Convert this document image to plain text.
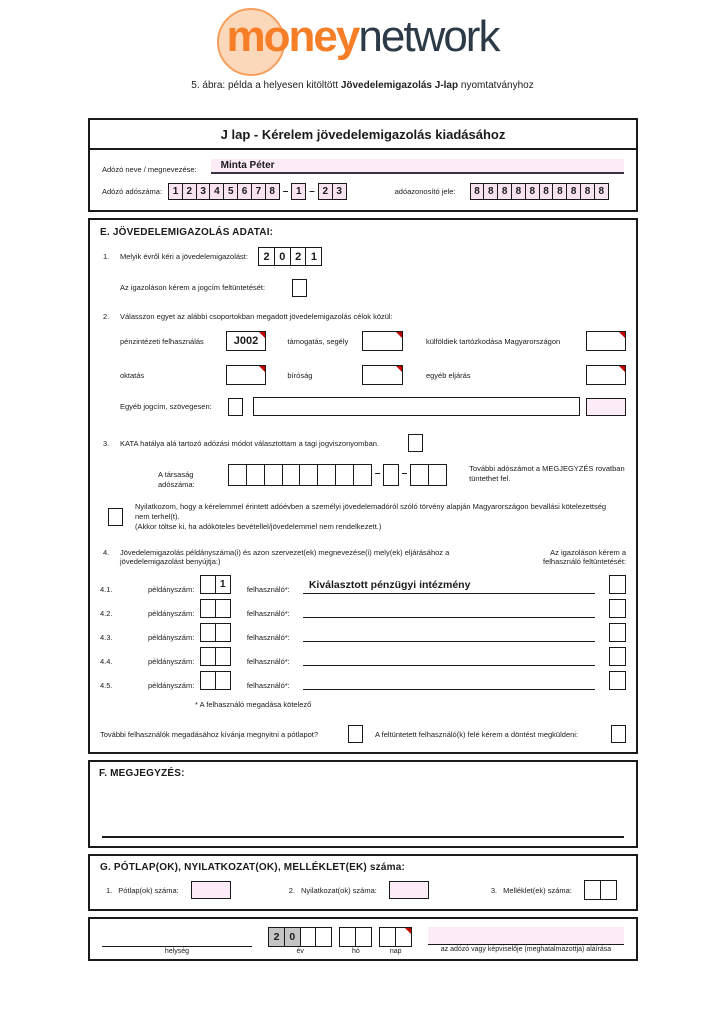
money network
5. ábra: példa a helyesen kitöltött Jövedelemigazolás J-lap nyomtatványhoz
J lap - Kérelem jövedelemigazolás kiadásához
Adózó neve / megnevezése:	Minta Péter
Adózó adószáma:	1 2 3 4 5 6 7 8 – 1 – 2 3	adóazonosító jele:	8 8 8 8 8 8 8 8 8 8
E. JÖVEDELEMIGAZOLÁS ADATAI:
1.	Melyik évről kéri a jövedelemigazolást:	2 0 2 1
Az igazoláson kérem a jogcím feltüntetését:
2.	Válasszon egyet az alábbi csoportokban megadott jövedelemigazolás célok közül:
pénzintézeti felhasználás	J002	támogatás, segély	külföldiek tartózkodása Magyarországon
oktatás	bíróság	egyéb eljárás
Egyéb jogcím, szövegesen:
3.	KATA hatálya alá tartozó adózási módot választottam a tagi jogviszonyomban.
A társaság adószáma:
– –	További adószámot a MEGJEGYZÉS rovatban tüntethet fel.
Nyilatkozom, hogy a kérelemmel érintett adóévben a személyi jövedelemadóról szóló törvény alapján Magyarországon bevallási kötelezettség nem terhel(t).
(Akkor töltse ki, ha adóköteles bevétellel/jövedelemmel nem rendelkezett.)
4.	Jövedelemigazolás példányszáma(i) és azon szervezet(ek) megnevezése(i) mely(ek) eljárásához a jövedelemigazolást benyújtja:)
Az igazoláson kérem a felhasználó feltüntetését:
4.1.	példányszám:	1	felhasználó*:	Kiválasztott pénzügyi intézmény
4.2.	példányszám:	felhasználó*:
4.3.	példányszám:	felhasználó*:
4.4.	példányszám:	felhasználó*:
4.5.	példányszám:	felhasználó*:
* A felhasználó megadása kötelező
További felhasználók megadásához kívánja megnyitni a pótlapot?	A feltüntetett felhasználó(k) felé kérem a döntést megküldeni:
F. MEGJEGYZÉS:
G. PÓTLAP(OK), NYILATKOZAT(OK), MELLÉKLET(EK) száma:
1. Pótlap(ok) száma:	2. Nyilatkozat(ok) száma:	3. Melléklet(ek) száma:
helység
2 0
év	hó	nap	az adózó vagy képviselője (meghatalmazottja) aláírása
